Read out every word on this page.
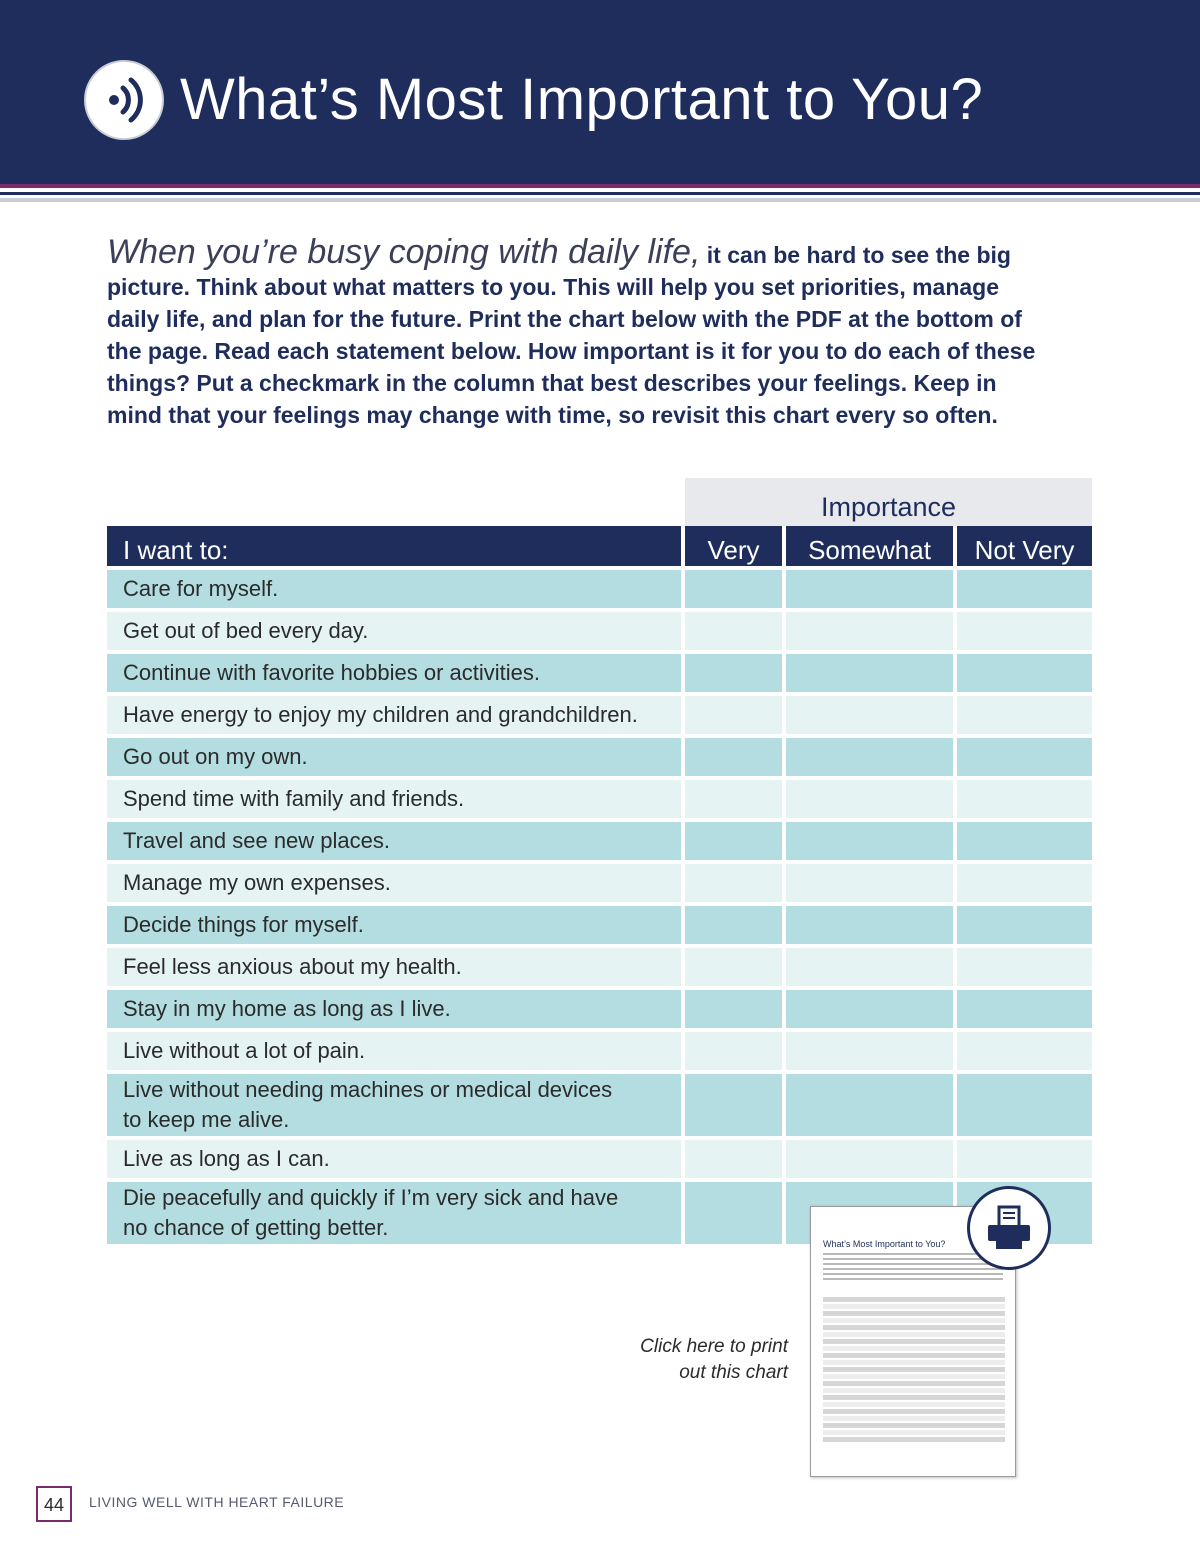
What’s Most Important to You?

When you’re busy coping with daily life, it can be hard to see the big picture. Think about what matters to you. This will help you set priorities, manage daily life, and plan for the future. Print the chart below with the PDF at the bottom of the page. Read each statement below. How important is it for you to do each of these things? Put a checkmark in the column that best describes your feelings. Keep in mind that your feelings may change with time, so revisit this chart every so often.

Importance
I want to:	Very	Somewhat	Not Very
Care for myself.
Get out of bed every day.
Continue with favorite hobbies or activities.
Have energy to enjoy my children and grandchildren.
Go out on my own.
Spend time with family and friends.
Travel and see new places.
Manage my own expenses.
Decide things for myself.
Feel less anxious about my health.
Stay in my home as long as I live.
Live without a lot of pain.
Live without needing machines or medical devices
to keep me alive.
Live as long as I can.
Die peacefully and quickly if I’m very sick and have
no chance of getting better.
Click here to print
out this chart
What’s Most Important to You?
44	LIVING WELL WITH HEART FAILURE
